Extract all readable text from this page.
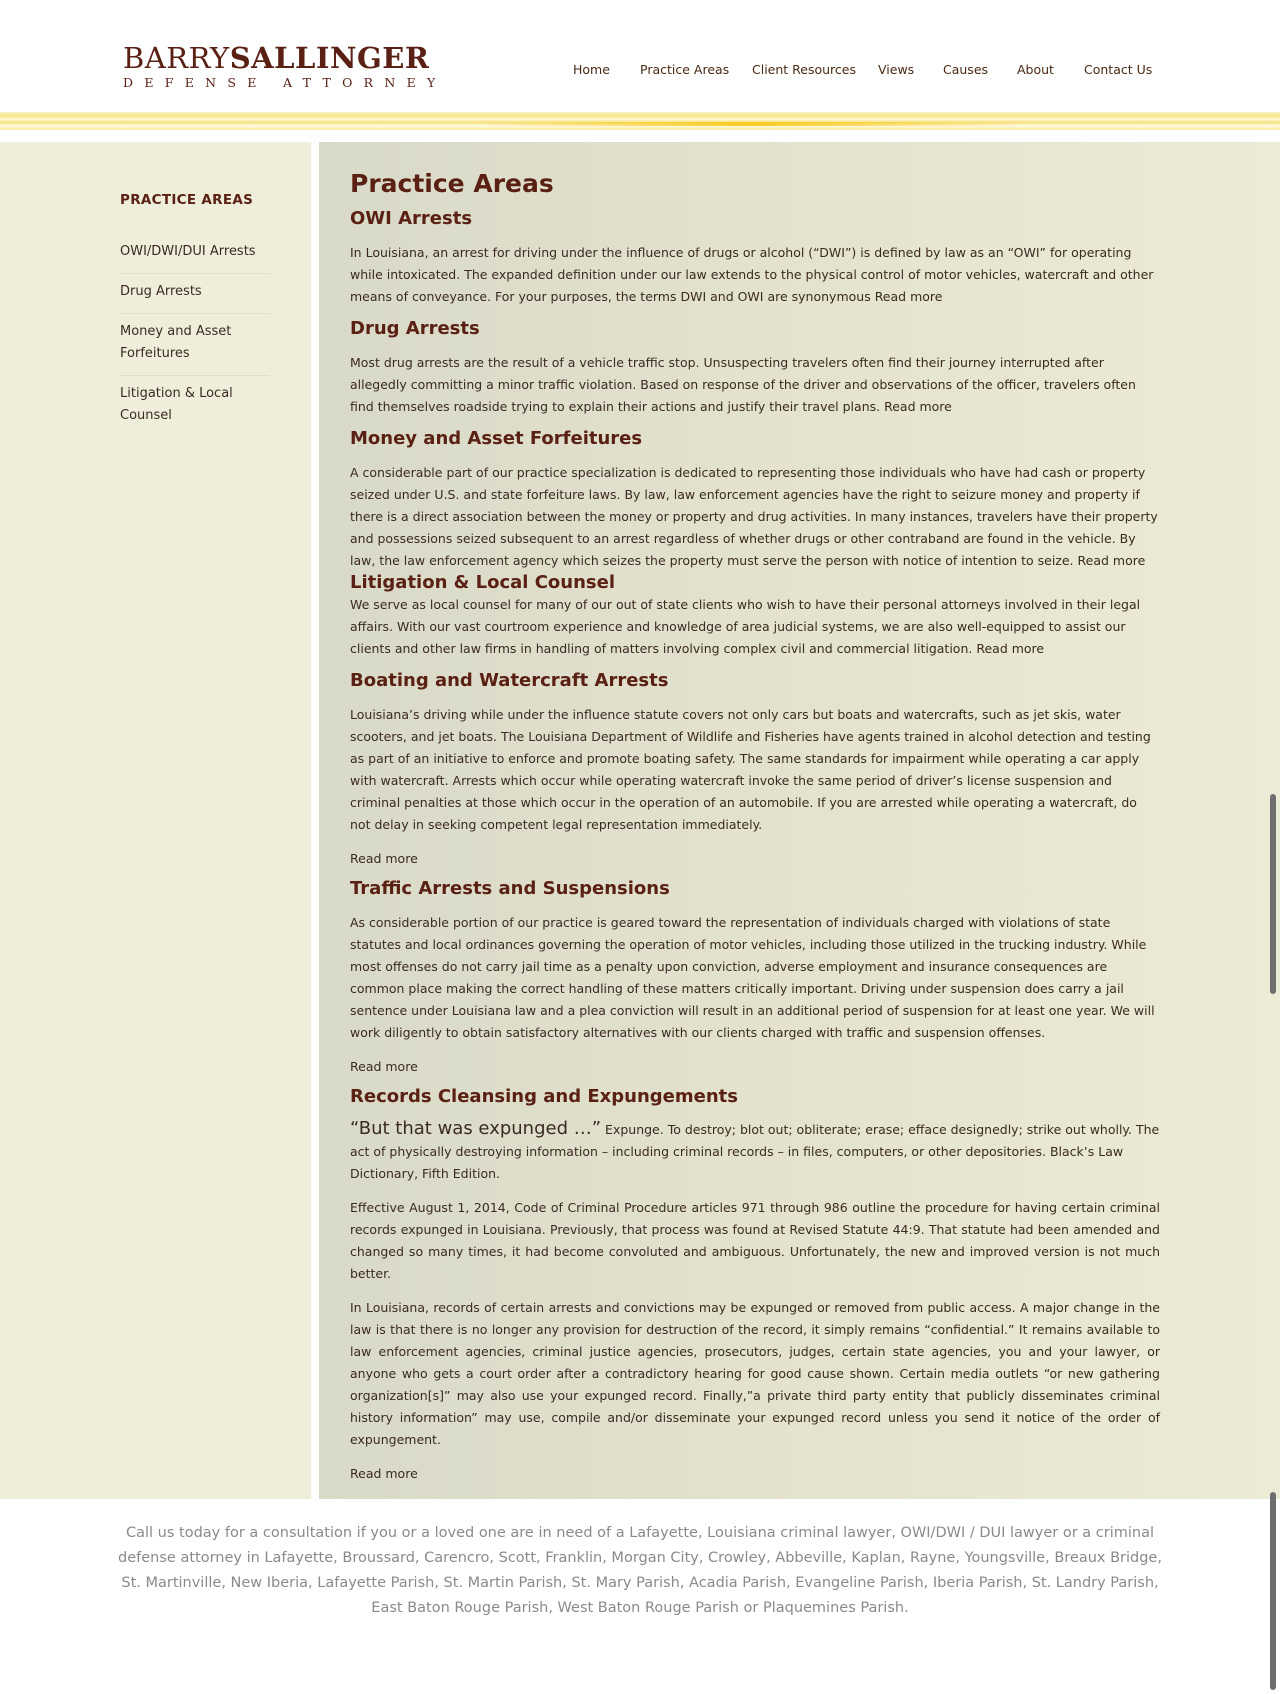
BARRYSALLINGER
DEFENSE ATTORNEY
Home Practice Areas Client Resources Views Causes About Contact Us
PRACTICE AREAS
OWI/DWI/DUI Arrests
Drug Arrests
Money and Asset Forfeitures
Litigation & Local Counsel
Practice Areas
OWI Arrests

In Louisiana, an arrest for driving under the influence of drugs or alcohol (“DWI”) is defined by law as an “OWI” for operating while intoxicated. The expanded definition under our law extends to the physical control of motor vehicles, watercraft and other means of conveyance. For your purposes, the terms DWI and OWI are synonymous Read more

Drug Arrests

Most drug arrests are the result of a vehicle traffic stop. Unsuspecting travelers often find their journey interrupted after allegedly committing a minor traffic violation. Based on response of the driver and observations of the officer, travelers often find themselves roadside trying to explain their actions and justify their travel plans. Read more

Money and Asset Forfeitures

A considerable part of our practice specialization is dedicated to representing those individuals who have had cash or property seized under U.S. and state forfeiture laws. By law, law enforcement agencies have the right to seizure money and property if there is a direct association between the money or property and drug activities. In many instances, travelers have their property and possessions seized subsequent to an arrest regardless of whether drugs or other contraband are found in the vehicle. By law, the law enforcement agency which seizes the property must serve the person with notice of intention to seize. Read more

Litigation & Local Counsel

We serve as local counsel for many of our out of state clients who wish to have their personal attorneys involved in their legal affairs. With our vast courtroom experience and knowledge of area judicial systems, we are also well-equipped to assist our clients and other law firms in handling of matters involving complex civil and commercial litigation. Read more

Boating and Watercraft Arrests

Louisiana’s driving while under the influence statute covers not only cars but boats and watercrafts, such as jet skis, water scooters, and jet boats. The Louisiana Department of Wildlife and Fisheries have agents trained in alcohol detection and testing as part of an initiative to enforce and promote boating safety. The same standards for impairment while operating a car apply with watercraft. Arrests which occur while operating watercraft invoke the same period of driver’s license suspension and criminal penalties at those which occur in the operation of an automobile. If you are arrested while operating a watercraft, do not delay in seeking competent legal representation immediately.

Read more

Traffic Arrests and Suspensions

As considerable portion of our practice is geared toward the representation of individuals charged with violations of state statutes and local ordinances governing the operation of motor vehicles, including those utilized in the trucking industry. While most offenses do not carry jail time as a penalty upon conviction, adverse employment and insurance consequences are common place making the correct handling of these matters critically important. Driving under suspension does carry a jail sentence under Louisiana law and a plea conviction will result in an additional period of suspension for at least one year. We will work diligently to obtain satisfactory alternatives with our clients charged with traffic and suspension offenses.

Read more

Records Cleansing and Expungements

“But that was expunged …” Expunge. To destroy; blot out; obliterate; erase; efface designedly; strike out wholly. The act of physically destroying information – including criminal records – in files, computers, or other depositories. Black’s Law Dictionary, Fifth Edition.

Effective August 1, 2014, Code of Criminal Procedure articles 971 through 986 outline the procedure for having certain criminal records expunged in Louisiana. Previously, that process was found at Revised Statute 44:9. That statute had been amended and changed so many times, it had become convoluted and ambiguous. Unfortunately, the new and improved version is not much better.

In Louisiana, records of certain arrests and convictions may be expunged or removed from public access. A major change in the law is that there is no longer any provision for destruction of the record, it simply remains “confidential.” It remains available to law enforcement agencies, criminal justice agencies, prosecutors, judges, certain state agencies, you and your lawyer, or anyone who gets a court order after a contradictory hearing for good cause shown. Certain media outlets “or new gathering organization[s]” may also use your expunged record. Finally,”a private third party entity that publicly disseminates criminal history information” may use, compile and/or disseminate your expunged record unless you send it notice of the order of expungement.

Read more

Call us today for a consultation if you or a loved one are in need of a Lafayette, Louisiana criminal lawyer, OWI/DWI / DUI lawyer or a criminal defense attorney in Lafayette, Broussard, Carencro, Scott, Franklin, Morgan City, Crowley, Abbeville, Kaplan, Rayne, Youngsville, Breaux Bridge, St. Martinville, New Iberia, Lafayette Parish, St. Martin Parish, St. Mary Parish, Acadia Parish, Evangeline Parish, Iberia Parish, St. Landry Parish, East Baton Rouge Parish, West Baton Rouge Parish or Plaquemines Parish.
